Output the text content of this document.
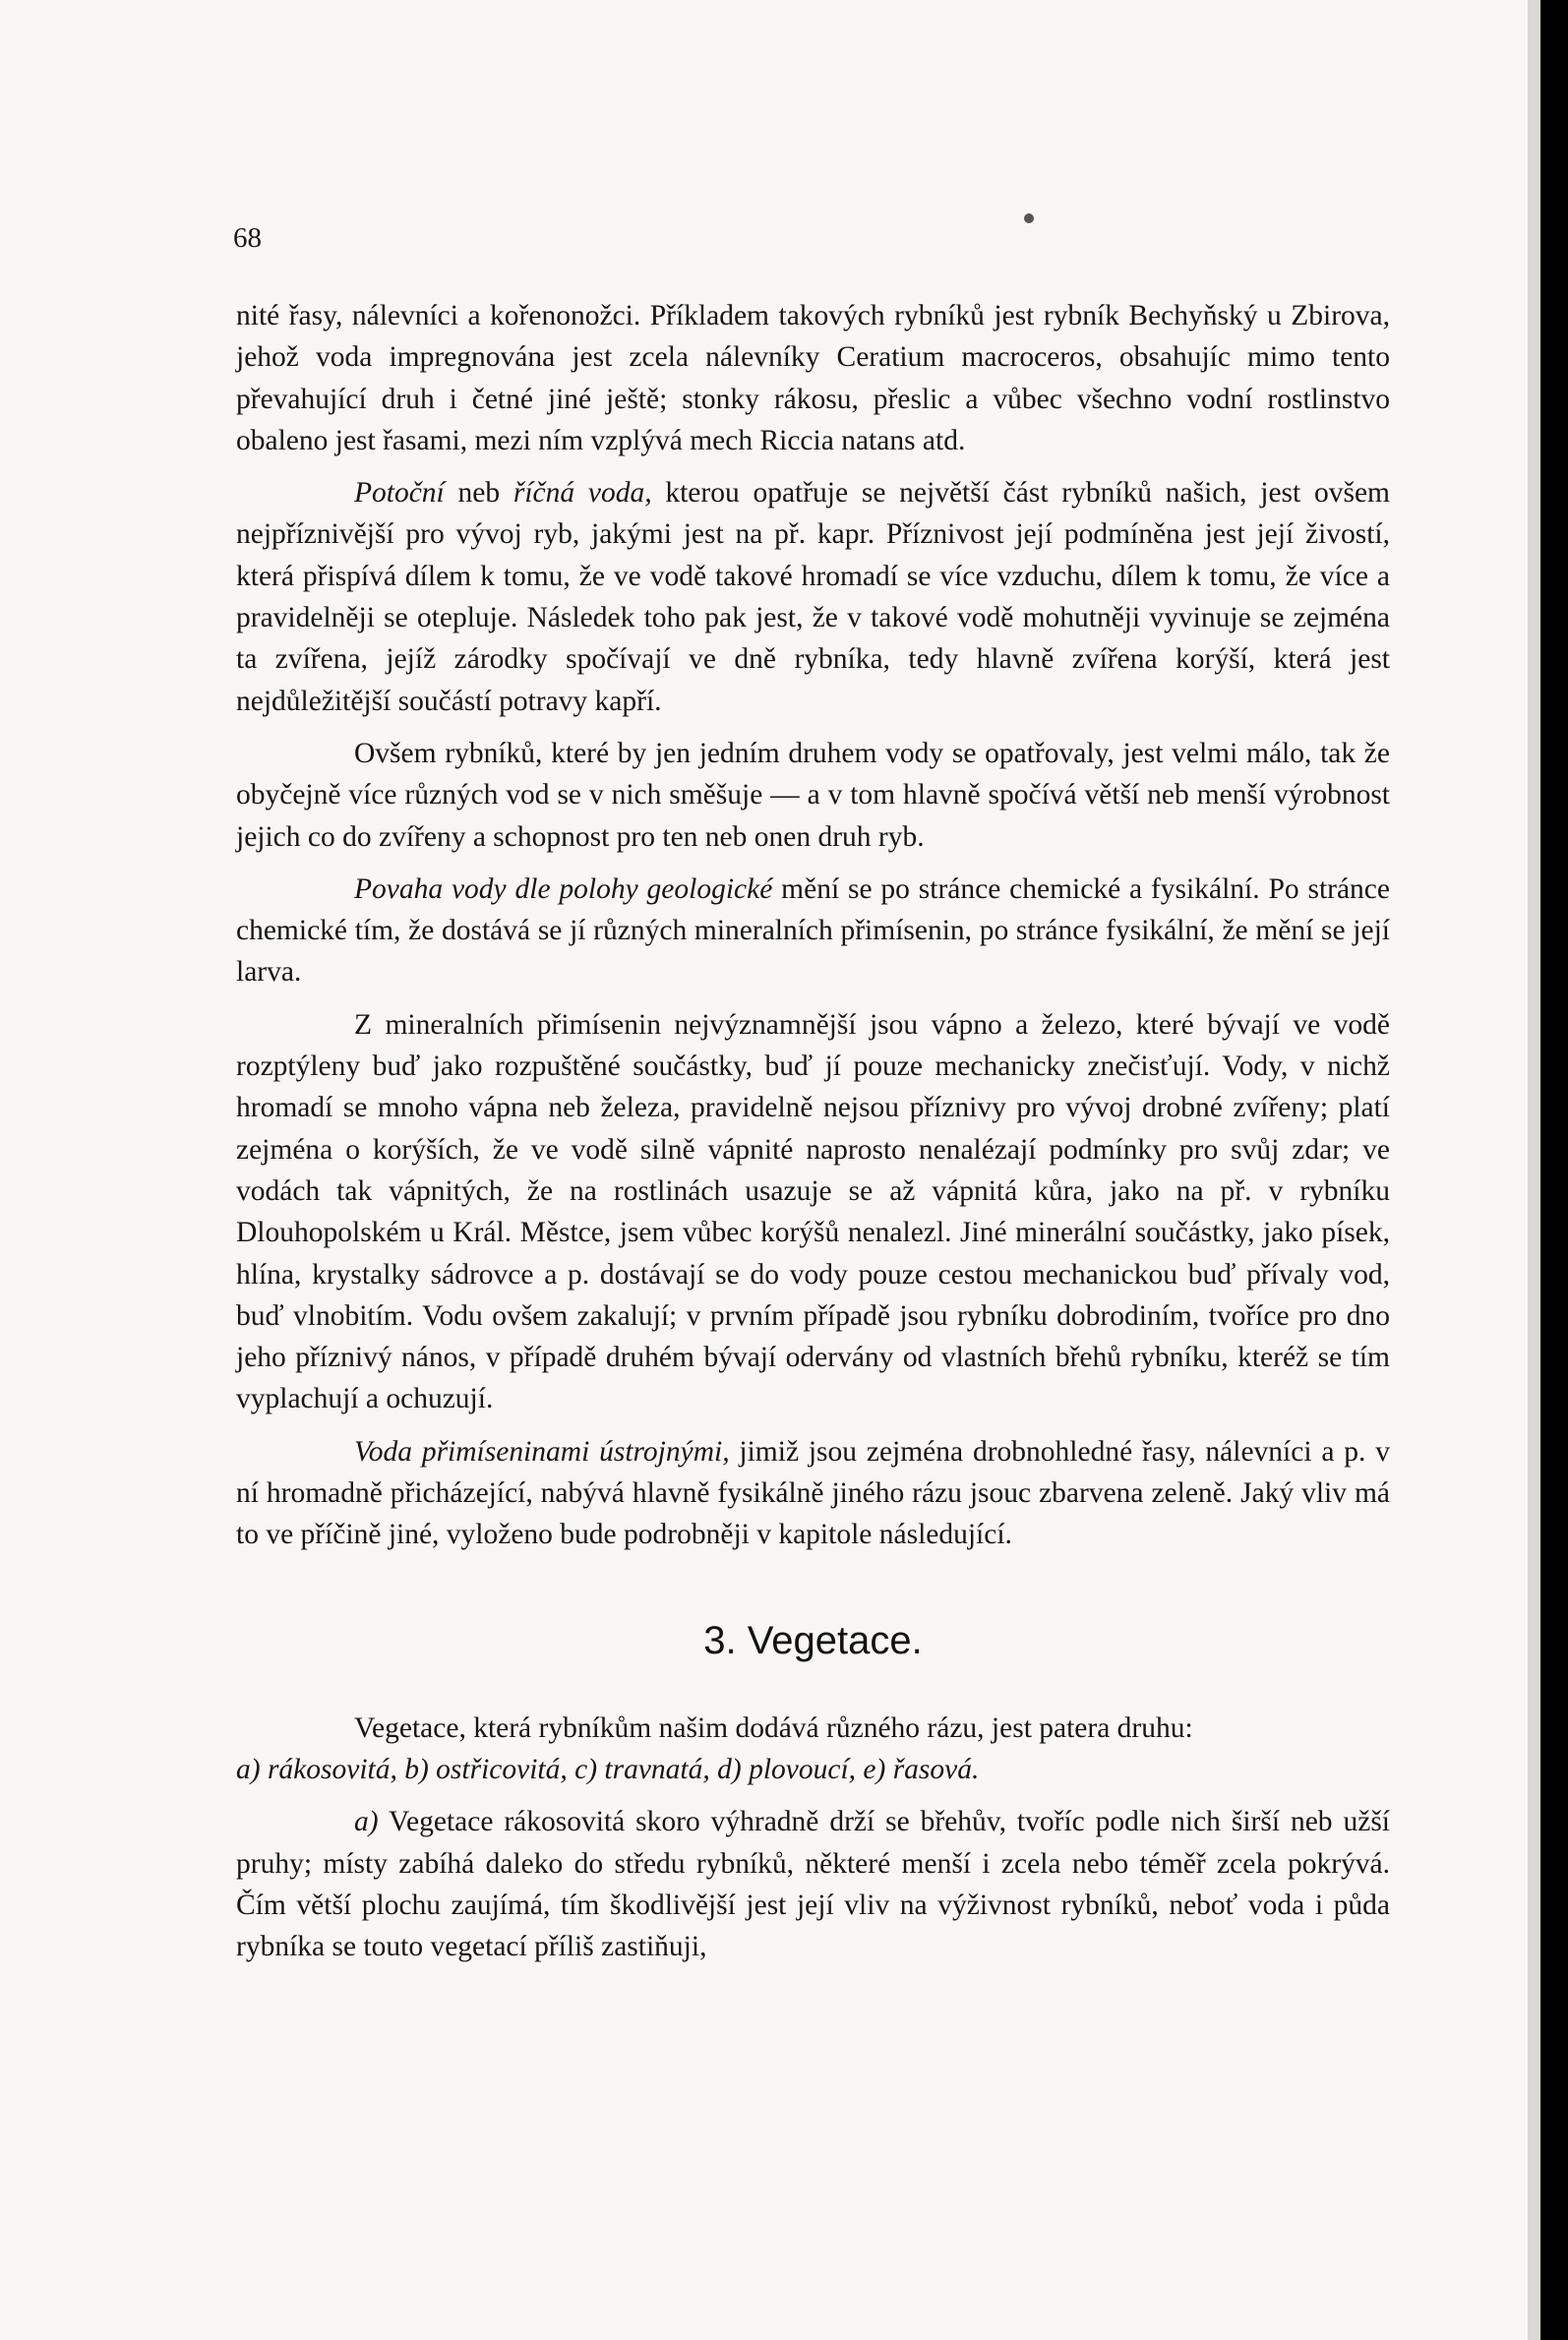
68

nité řasy, nálevníci a kořenonožci. Příkladem takových rybníků jest rybník Bechyňský u Zbirova, jehož voda impregnována jest zcela nálevníky Ceratium macroceros, obsahujíc mimo tento převahující druh i četné jiné ještě; stonky rákosu, přeslic a vůbec všechno vodní rostlinstvo obaleno jest řasami, mezi ním vzplývá mech Riccia natans atd.

Potoční neb říčná voda, kterou opatřuje se největší část rybníků našich, jest ovšem nejpříznivější pro vývoj ryb, jakými jest na př. kapr. Příznivost její podmíněna jest její živostí, která přispívá dílem k tomu, že ve vodě takové hromadí se více vzduchu, dílem k tomu, že více a pravidelněji se otepluje. Následek toho pak jest, že v takové vodě mohutněji vyvinuje se zejména ta zvířena, jejíž zárodky spočívají ve dně rybníka, tedy hlavně zvířena korýší, která jest nejdůležitější součástí potravy kapří.

Ovšem rybníků, které by jen jedním druhem vody se opatřovaly, jest velmi málo, tak že obyčejně více různých vod se v nich směšuje — a v tom hlavně spočívá větší neb menší výrobnost jejich co do zvířeny a schopnost pro ten neb onen druh ryb.

Povaha vody dle polohy geologické mění se po stránce chemické a fysikální. Po stránce chemické tím, že dostává se jí různých mineralních přimísenin, po stránce fysikální, že mění se její larva.

Z mineralních přimísenin nejvýznamnější jsou vápno a železo, které bývají ve vodě rozptýleny buď jako rozpuštěné součástky, buď jí pouze mechanicky znečisťují. Vody, v nichž hromadí se mnoho vápna neb železa, pravidelně nejsou příznivy pro vývoj drobné zvířeny; platí zejména o korýších, že ve vodě silně vápnité naprosto nenalézají podmínky pro svůj zdar; ve vodách tak vápnitých, že na rostlinách usazuje se až vápnitá kůra, jako na př. v rybníku Dlouhopolském u Král. Městce, jsem vůbec korýšů nenalezl. Jiné minerální součástky, jako písek, hlína, krystalky sádrovce a p. dostávají se do vody pouze cestou mechanickou buď přívaly vod, buď vlnobitím. Vodu ovšem zakalují; v prvním případě jsou rybníku dobrodiním, tvoříce pro dno jeho příznivý nános, v případě druhém bývají odervány od vlastních břehů rybníku, kteréž se tím vyplachují a ochuzují.

Voda přimíseninami ústrojnými, jimiž jsou zejména drobnohledné řasy, nálevníci a p. v ní hromadně přicházející, nabývá hlavně fysikálně jiného rázu jsouc zbarvena zeleně. Jaký vliv má to ve příčině jiné, vyloženo bude podrobněji v kapitole následující.

3. Vegetace.

Vegetace, která rybníkům našim dodává různého rázu, jest patera druhu:

a) rákosovitá, b) ostřicovitá, c) travnatá, d) plovoucí, e) řasová.

a) Vegetace rákosovitá skoro výhradně drží se břehův, tvoříc podle nich širší neb užší pruhy; místy zabíhá daleko do středu rybníků, některé menší i zcela nebo téměř zcela pokrývá. Čím větší plochu zaujímá, tím škodlivější jest její vliv na výživnost rybníků, neboť voda i půda rybníka se touto vegetací příliš zastiňuji,
